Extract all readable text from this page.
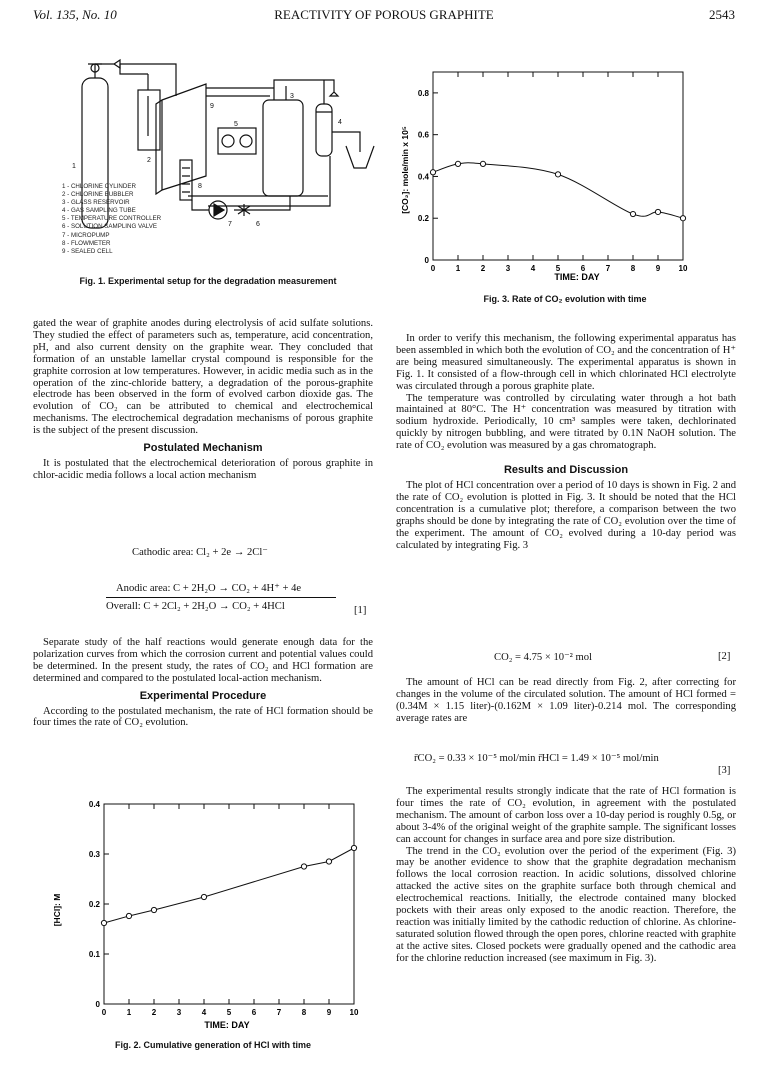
Vol. 135, No. 10	REACTIVITY OF POROUS GRAPHITE	2543
1
2
3
4
5
6
7
8
9
1 - CHLORINE CYLINDER
2 - CHLORINE BUBBLER
3 - GLASS RESERVOIR
4 - GAS SAMPLING TUBE
5 - TEMPERATURE CONTROLLER
6 - SOLUTION SAMPLING VALVE
7 - MICROPUMP
8 - FLOWMETER
9 - SEALED CELL
Fig. 1. Experimental setup for the degradation measurement
0	1	2	3	4	5	6	7	8	9 10
0
0.2
0.4
0.6
0.8
TIME: DAY
[CO₂]: mole/min x 10⁵
Fig. 3. Rate of CO₂ evolution with time
0	1	2	3	4	5	6	7	8	9 10
0
0.1
0.2
0.3
0.4
TIME: DAY
[HCl]: M
Fig. 2. Cumulative generation of HCl with time

gated the wear of graphite anodes during electrolysis of acid sulfate solutions. They studied the effect of parameters such as, temperature, acid concentration, pH, and also current density on the graphite wear. They concluded that formation of an unstable lamellar crystal compound is responsible for the graphite corrosion at low temperatures. However, in acidic media such as in the operation of the zinc-chloride battery, a degradation of the porous-graphite electrode has been observed in the form of evolved carbon dioxide gas. The evolution of CO₂ can be attributed to chemical and electrochemical mechanisms. The electrochemical degradation mechanisms of porous graphite is the subject of the present discussion.

Postulated Mechanism

It is postulated that the electrochemical deterioration of porous graphite in chlor-acidic media follows a local action mechanism

Cathodic area: Cl₂ + 2e → 2Cl⁻
Anodic area: C + 2H₂O → CO₂ + 4H⁺ + 4e
Overall: C + 2Cl₂ + 2H₂O → CO₂ + 4HCl	[1]

Separate study of the half reactions would generate enough data for the polarization curves from which the corrosion current and potential values could be determined. In the present study, the rates of CO₂ and HCl formation are determined and compared to the postulated local-action mechanism.

Experimental Procedure

According to the postulated mechanism, the rate of HCl formation should be four times the rate of CO₂ evolution.

In order to verify this mechanism, the following experimental apparatus has been assembled in which both the evolution of CO₂ and the concentration of H⁺ are being measured simultaneously. The experimental apparatus is shown in Fig. 1. It consisted of a flow-through cell in which chlorinated HCl electrolyte was circulated through a porous graphite plate.

The temperature was controlled by circulating water through a hot bath maintained at 80°C. The H⁺ concentration was measured by titration with sodium hydroxide. Periodically, 10 cm³ samples were taken, dechlorinated quickly by nitrogen bubbling, and were titrated by 0.1N NaOH solution. The rate of CO₂ evolution was measured by a gas chromatograph.

Results and Discussion

The plot of HCl concentration over a period of 10 days is shown in Fig. 2 and the rate of CO₂ evolution is plotted in Fig. 3. It should be noted that the HCl concentration is a cumulative plot; therefore, a comparison between the two graphs should be done by integrating the rate of CO₂ evolution over the time of the experiment. The amount of CO₂ evolved during a 10-day period was calculated by integrating Fig. 3

CO₂ = 4.75 × 10⁻² mol	[2]

The amount of HCl can be read directly from Fig. 2, after correcting for changes in the volume of the circulated solution. The amount of HCl formed = (0.34M × 1.15 liter)-(0.162M × 1.09 liter)-0.214 mol. The corresponding average rates are

r̄CO₂ = 0.33 × 10⁻⁵ mol/min r̄HCl = 1.49 × 10⁻⁵ mol/min
[3]

The experimental results strongly indicate that the rate of HCl formation is four times the rate of CO₂ evolution, in agreement with the postulated mechanism. The amount of carbon loss over a 10-day period is roughly 0.5g, or about 3-4% of the original weight of the graphite sample. The significant losses can account for changes in surface area and pore size distribution.

The trend in the CO₂ evolution over the period of the experiment (Fig. 3) may be another evidence to show that the graphite degradation mechanism follows the local corrosion reaction. In acidic solutions, dissolved chlorine attacked the active sites on the graphite surface both through chemical and electrochemical reactions. Initially, the electrode contained many blocked pockets with their areas only exposed to the anodic reaction. Therefore, the reaction was initially limited by the cathodic reduction of chlorine. As chlorine-saturated solution flowed through the open pores, chlorine reacted with graphite at the active sites. Closed pockets were gradually opened and the cathodic area for the chlorine reduction increased (see maximum in Fig. 3).
